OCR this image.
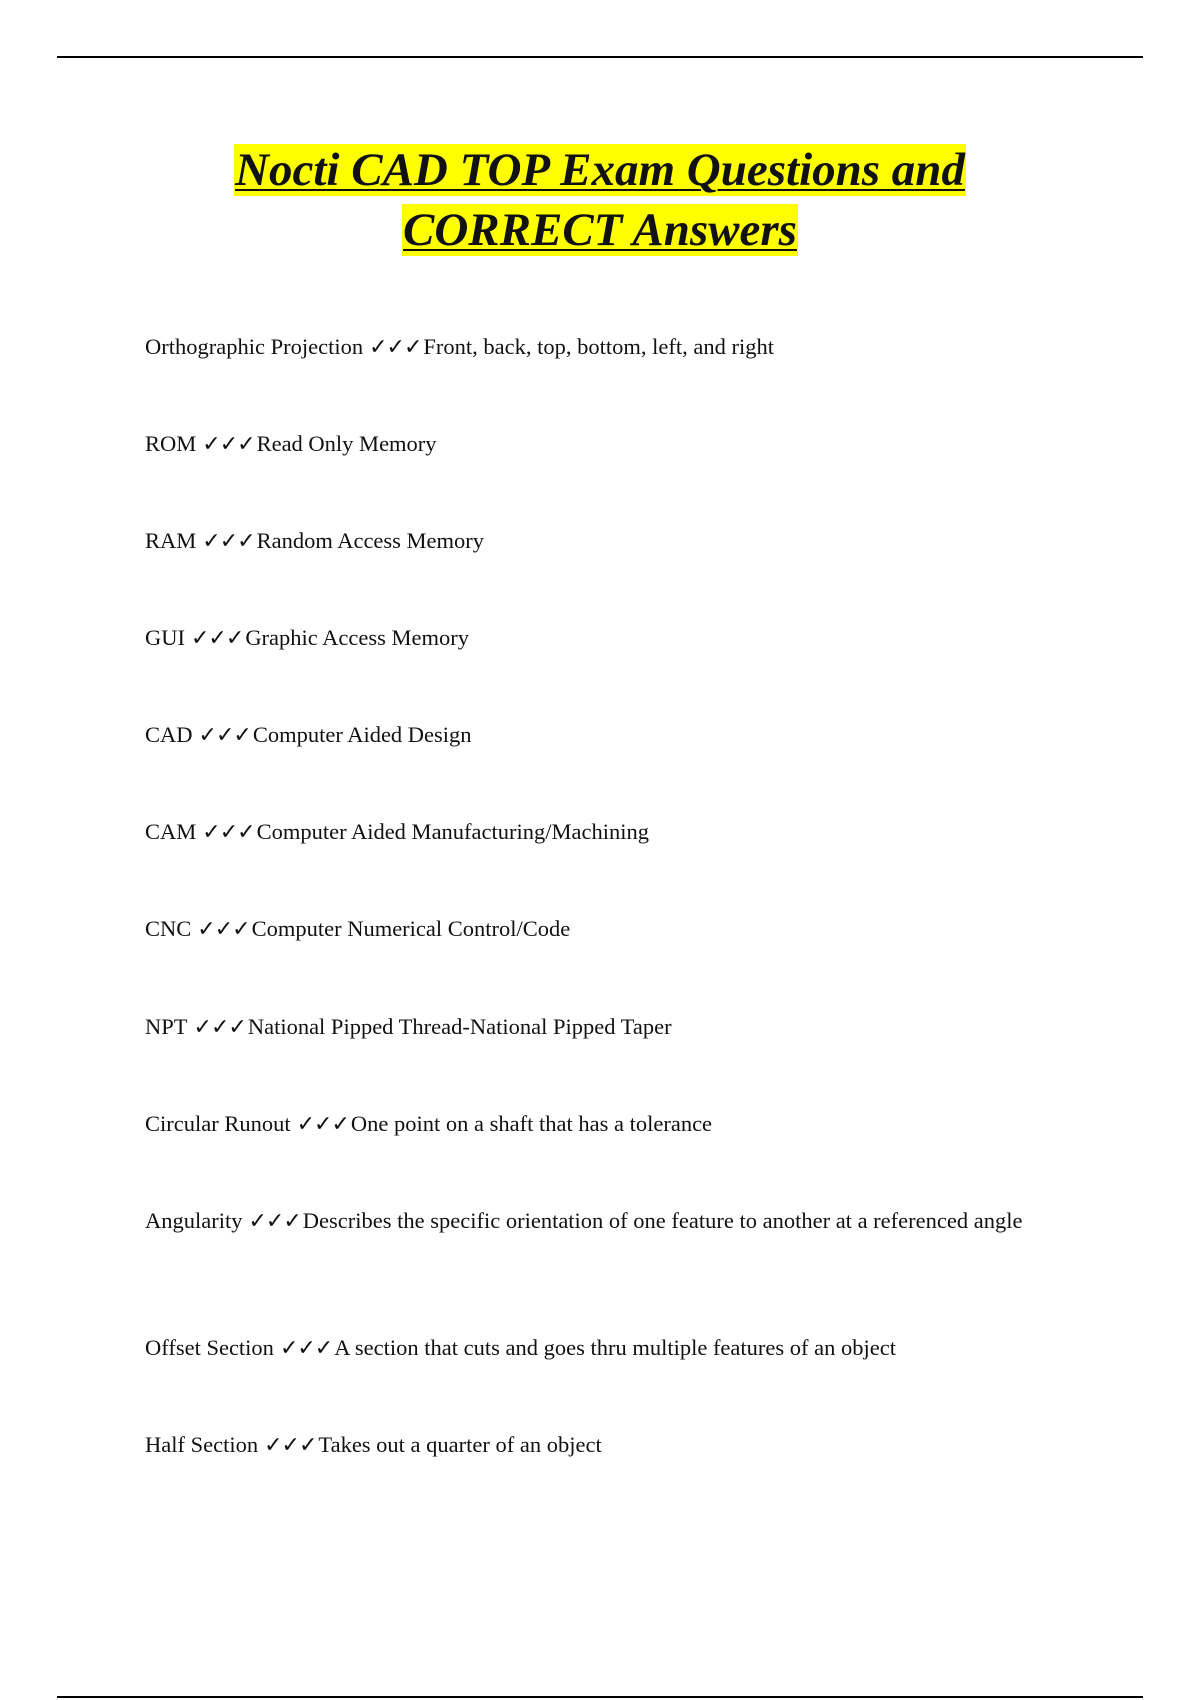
Nocti CAD TOP Exam Questions and
CORRECT Answers
Orthographic Projection ✓✓✓Front, back, top, bottom, left, and right
ROM ✓✓✓Read Only Memory
RAM ✓✓✓Random Access Memory
GUI ✓✓✓Graphic Access Memory
CAD ✓✓✓Computer Aided Design
CAM ✓✓✓Computer Aided Manufacturing/Machining
CNC ✓✓✓Computer Numerical Control/Code
NPT ✓✓✓National Pipped Thread-National Pipped Taper
Circular Runout ✓✓✓One point on a shaft that has a tolerance
Angularity ✓✓✓Describes the specific orientation of one feature to another at a referenced angle
Offset Section ✓✓✓A section that cuts and goes thru multiple features of an object
Half Section ✓✓✓Takes out a quarter of an object
